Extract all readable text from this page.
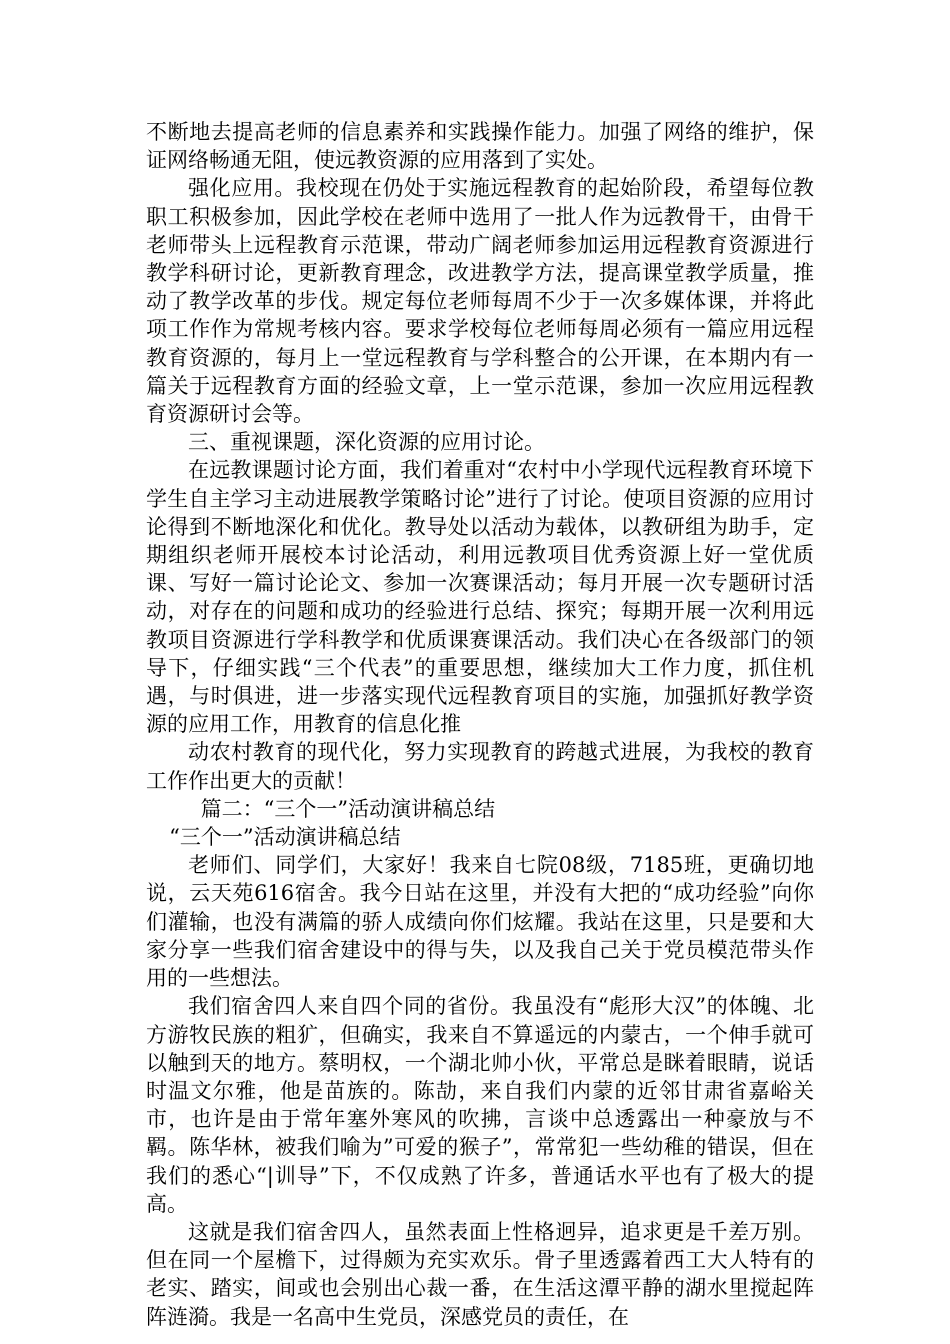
不断地去提高老师的信息素养和实践操作能力。加强了网络的维护，保证网络畅通无阻，使远教资源的应用落到了实处。

强化应用。我校现在仍处于实施远程教育的起始阶段，希望每位教职工积极参加，因此学校在老师中选用了一批人作为远教骨干，由骨干老师带头上远程教育示范课，带动广阔老师参加运用远程教育资源进行教学科研讨论，更新教育理念，改进教学方法，提高课堂教学质量，推动了教学改革的步伐。规定每位老师每周不少于一次多媒体课，并将此项工作作为常规考核内容。要求学校每位老师每周必须有一篇应用远程教育资源的，每月上一堂远程教育与学科整合的公开课，在本期内有一篇关于远程教育方面的经验文章，上一堂示范课，参加一次应用远程教育资源研讨会等。

三、重视课题，深化资源的应用讨论。

在远教课题讨论方面，我们着重对“农村中小学现代远程教育环境下学生自主学习主动进展教学策略讨论”进行了讨论。使项目资源的应用讨论得到不断地深化和优化。教导处以活动为载体，以教研组为助手，定期组织老师开展校本讨论活动，利用远教项目优秀资源上好一堂优质课、写好一篇讨论论文、参加一次赛课活动；每月开展一次专题研讨活动，对存在的问题和成功的经验进行总结、探究；每期开展一次利用远教项目资源进行学科教学和优质课赛课活动。我们决心在各级部门的领导下，仔细实践“三个代表”的重要思想，继续加大工作力度，抓住机遇，与时俱进，进一步落实现代远程教育项目的实施，加强抓好教学资源的应用工作，用教育的信息化推

动农村教育的现代化，努力实现教育的跨越式进展，为我校的教育工作作出更大的贡献！

篇二：“三个一”活动演讲稿总结

“三个一”活动演讲稿总结

老师们、同学们，大家好！我来自七院08级，7185班，更确切地说，云天苑616宿舍。我今日站在这里，并没有大把的“成功经验”向你们灌输，也没有满篇的骄人成绩向你们炫耀。我站在这里，只是要和大家分享一些我们宿舍建设中的得与失，以及我自己关于党员模范带头作用的一些想法。

我们宿舍四人来自四个同的省份。我虽没有“彪形大汉”的体魄、北方游牧民族的粗犷，但确实，我来自不算遥远的内蒙古，一个伸手就可以触到天的地方。蔡明权，一个湖北帅小伙，平常总是眯着眼睛，说话时温文尔雅，他是苗族的。陈劼，来自我们内蒙的近邻甘肃省嘉峪关市，也许是由于常年塞外寒风的吹拂，言谈中总透露出一种豪放与不羁。陈华林，被我们喻为”可爱的猴子”，常常犯一些幼稚的错误，但在我们的悉心“|训导”下，不仅成熟了许多，普通话水平也有了极大的提高。

这就是我们宿舍四人，虽然表面上性格迥异，追求更是千差万别。但在同一个屋檐下，过得颇为充实欢乐。骨子里透露着西工大人特有的老实、踏实，间或也会别出心裁一番，在生活这潭平静的湖水里搅起阵阵涟漪。我是一名高中生党员，深感党员的责任，在
